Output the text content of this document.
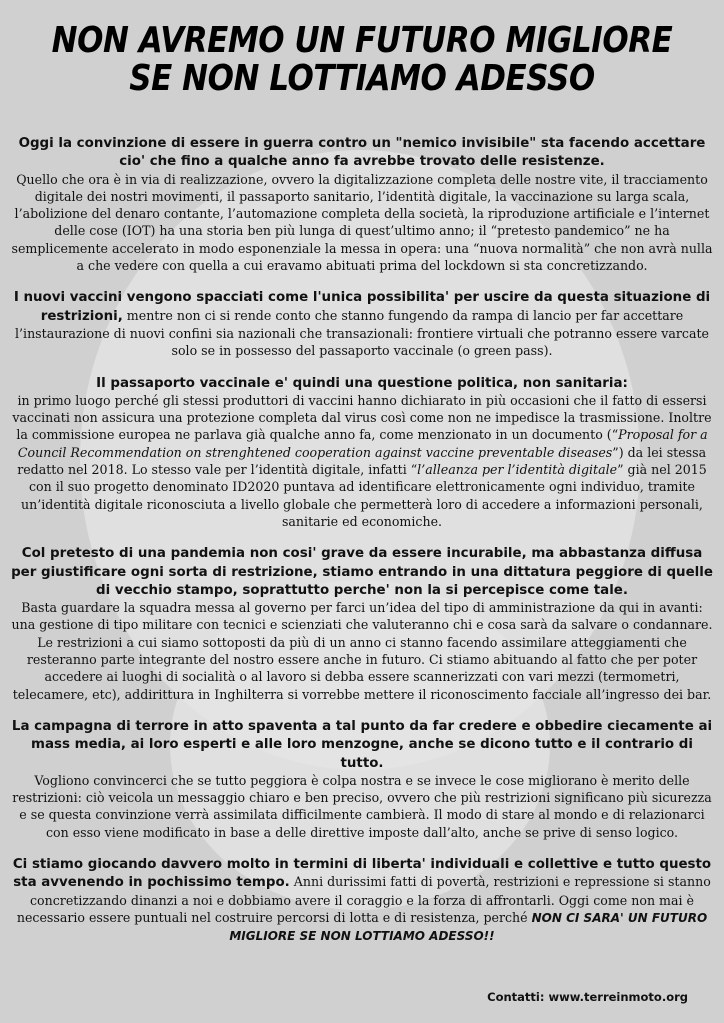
NON AVREMO UN FUTURO MIGLIORE
SE NON LOTTIAMO ADESSO

Oggi la convinzione di essere in guerra contro un "nemico invisibile" sta facendo accettare cio' che fino a qualche anno fa avrebbe trovato delle resistenze.
Quello che ora è in via di realizzazione, ovvero la digitalizzazione completa delle nostre vite, il tracciamento digitale dei nostri movimenti, il passaporto sanitario, l’identità digitale, la vaccinazione su larga scala, l’abolizione del denaro contante, l’automazione completa della società, la riproduzione artificiale e l’internet delle cose (IOT) ha una storia ben più lunga di quest’ultimo anno; il “pretesto pandemico” ne ha semplicemente accelerato in modo esponenziale la messa in opera: una “nuova normalità” che non avrà nulla a che vedere con quella a cui eravamo abituati prima del lockdown si sta concretizzando.

I nuovi vaccini vengono spacciati come l'unica possibilita' per uscire da questa situazione di restrizioni, mentre non ci si rende conto che stanno fungendo da rampa di lancio per far accettare l’instaurazione di nuovi confini sia nazionali che transazionali: frontiere virtuali che potranno essere varcate solo se in possesso del passaporto vaccinale (o green pass).

Il passaporto vaccinale e' quindi una questione politica, non sanitaria:
in primo luogo perché gli stessi produttori di vaccini hanno dichiarato in più occasioni che il fatto di essersi vaccinati non assicura una protezione completa dal virus così come non ne impedisce la trasmissione. Inoltre la commissione europea ne parlava già qualche anno fa, come menzionato in un documento (“Proposal for a Council Recommendation on strenghtened cooperation against vaccine preventable diseases”) da lei stessa redatto nel 2018. Lo stesso vale per l’identità digitale, infatti “l’alleanza per l’identità digitale” già nel 2015 con il suo progetto denominato ID2020 puntava ad identificare elettronicamente ogni individuo, tramite un’identità digitale riconosciuta a livello globale che permetterà loro di accedere a informazioni personali, sanitarie ed economiche.

Col pretesto di una pandemia non cosi' grave da essere incurabile, ma abbastanza diffusa per giustificare ogni sorta di restrizione, stiamo entrando in una dittatura peggiore di quelle di vecchio stampo, soprattutto perche' non la si percepisce come tale.
Basta guardare la squadra messa al governo per farci un’idea del tipo di amministrazione da qui in avanti: una gestione di tipo militare con tecnici e scienziati che valuteranno chi e cosa sarà da salvare o condannare. Le restrizioni a cui siamo sottoposti da più di un anno ci stanno facendo assimilare atteggiamenti che resteranno parte integrante del nostro essere anche in futuro. Ci stiamo abituando al fatto che per poter accedere ai luoghi di socialità o al lavoro si debba essere scannerizzati con vari mezzi (termometri, telecamere, etc), addirittura in Inghilterra si vorrebbe mettere il riconoscimento facciale all’ingresso dei bar.

La campagna di terrore in atto spaventa a tal punto da far credere e obbedire ciecamente ai mass media, ai loro esperti e alle loro menzogne, anche se dicono tutto e il contrario di tutto.
Vogliono convincerci che se tutto peggiora è colpa nostra e se invece le cose migliorano è merito delle restrizioni: ciò veicola un messaggio chiaro e ben preciso, ovvero che più restrizioni significano più sicurezza e se questa convinzione verrà assimilata difficilmente cambierà. Il modo di stare al mondo e di relazionarci con esso viene modificato in base a delle direttive imposte dall’alto, anche se prive di senso logico.

Ci stiamo giocando davvero molto in termini di liberta' individuali e collettive e tutto questo sta avvenendo in pochissimo tempo. Anni durissimi fatti di povertà, restrizioni e repressione si stanno concretizzando dinanzi a noi e dobbiamo avere il coraggio e la forza di affrontarli. Oggi come non mai è necessario essere puntuali nel costruire percorsi di lotta e di resistenza, perché NON CI SARA' UN FUTURO MIGLIORE SE NON LOTTIAMO ADESSO!!

Contatti: www.terreinmoto.org
